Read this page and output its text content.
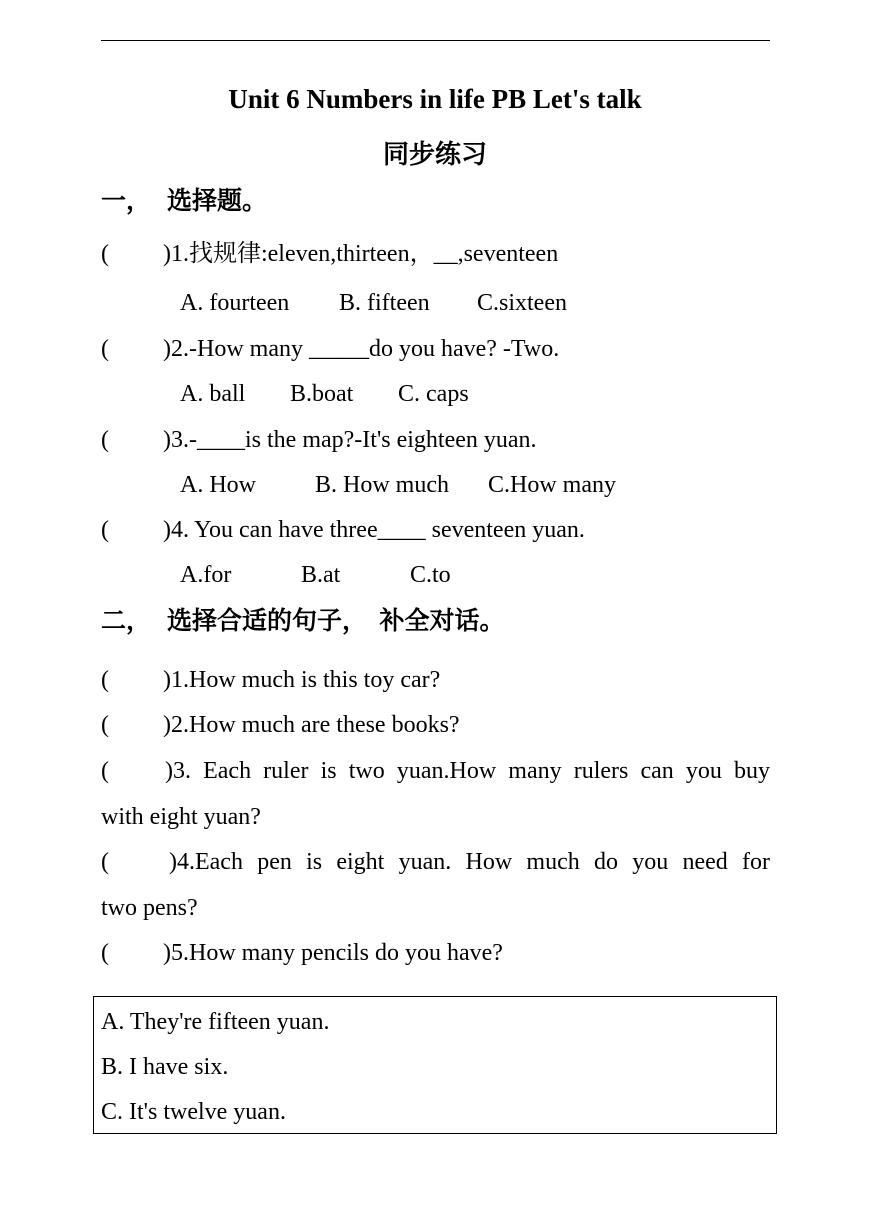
Unit 6 Numbers in life PB Let's talk
同步练习
一， 选择题。
( )1.找规律:eleven,thirteen，__,seventeen
A. fourteen B. fifteen C.sixteen
( )2.-How many _____do you have? -Two.
A. ball B.boat C. caps
( )3.-____is the map?-It's eighteen yuan.
A. How B. How much C.How many
( )4. You can have three____ seventeen yuan.
A.for	B.at	C.to
二， 选择合适的句子，  补全对话。
( )1.How much is this toy car?
( )2.How much are these books?
( )3. Each ruler is two yuan.How many rulers can you buy
with eight yuan?
(	)4.Each pen is eight yuan. How much do you need for
two pens?
( )5.How many pencils do you have?
A. They're fifteen yuan.
B. I have six.
C. It's twelve yuan.
